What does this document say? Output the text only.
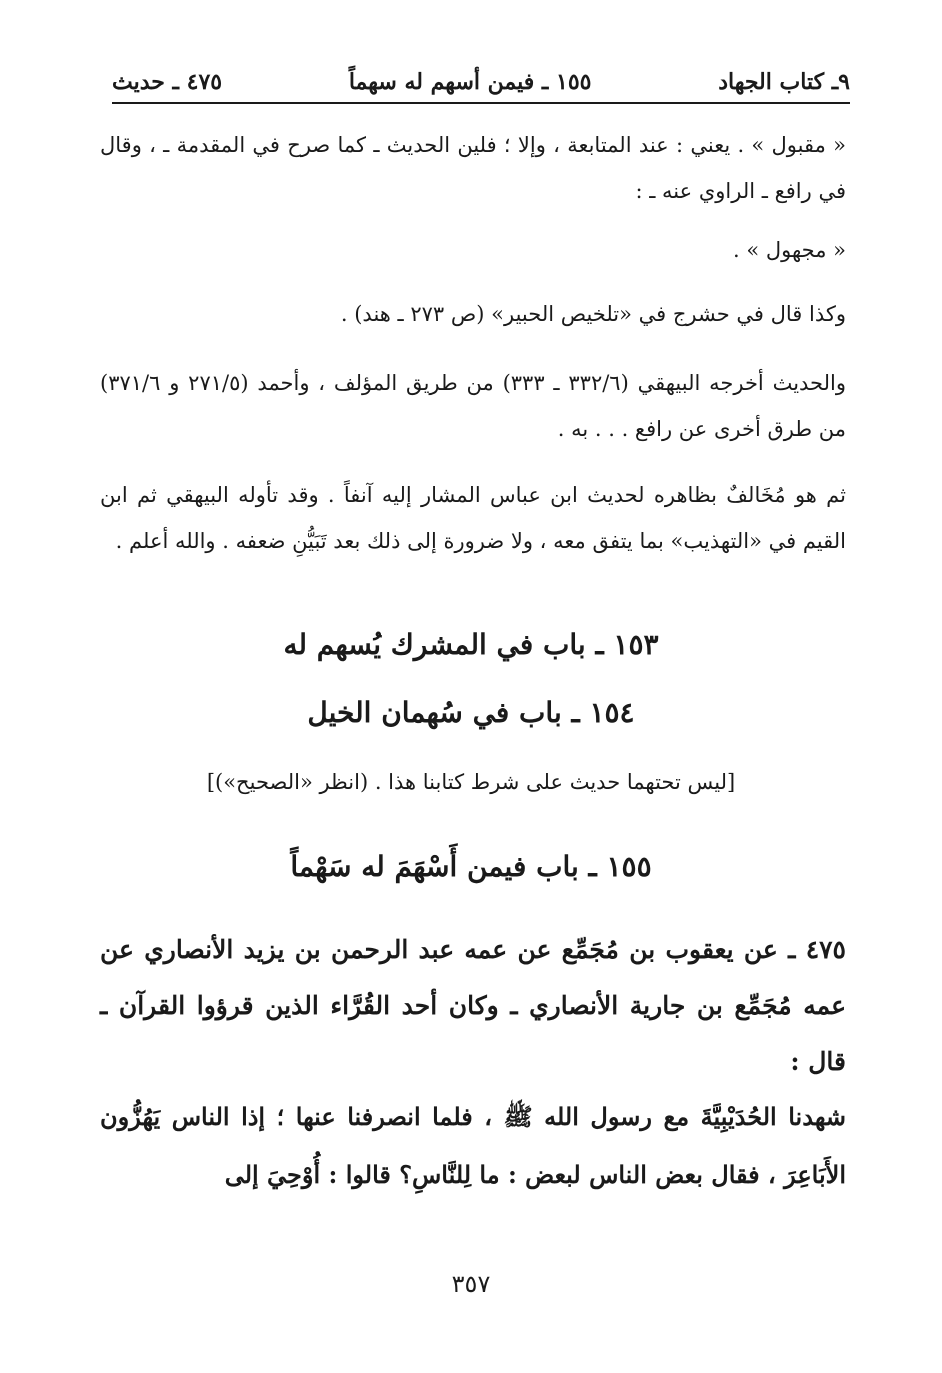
٩ـ كتاب الجهاد
١٥٥ ـ فيمن أسهم له سهماً
٤٧٥ ـ حديث
« مقبول » . يعني : عند المتابعة ، وإلا ؛ فلين الحديث ـ كما صرح في المقدمة ـ ، وقال في رافع ـ الراوي عنه ـ :
« مجهول » .
وكذا قال في حشرج في «تلخيص الحبير» (ص ٢٧٣ ـ هند) .
والحديث أخرجه البيهقي (٣٣٢/٦ ـ ٣٣٣) من طريق المؤلف ، وأحمد (٢٧١/٥ و ٣٧١/٦) من طرق أخرى عن رافع . . . به .
ثم هو مُخَالفٌ بظاهره لحديث ابن عباس المشار إليه آنفاً . وقد تأوله البيهقي ثم ابن القيم في «التهذيب» بما يتفق معه ، ولا ضرورة إلى ذلك بعد تَبَيُّنِ ضعفه . والله أعلم .
١٥٣ ـ باب في المشرك يُسهم له
١٥٤ ـ باب في سُهمان الخيل
[ليس تحتهما حديث على شرط كتابنا هذا . (انظر «الصحيح»)]
١٥٥ ـ باب فيمن أَسْهَمَ له سَهْماً
٤٧٥ ـ عن يعقوب بن مُجَمِّع عن عمه عبد الرحمن بن يزيد الأنصاري عن عمه مُجَمِّع بن جارية الأنصاري ـ وكان أحد القُرَّاء الذين قرؤوا القرآن ـ قال :
شهدنا الحُدَيْبِيَّةَ مع رسول الله ﷺ ، فلما انصرفنا عنها ؛ إذا الناس يَهُزُّون الأَبَاعِرَ ، فقال بعض الناس لبعض : ما لِلنَّاسِ؟ قالوا : أُوْحِيَ إلى
٣٥٧
